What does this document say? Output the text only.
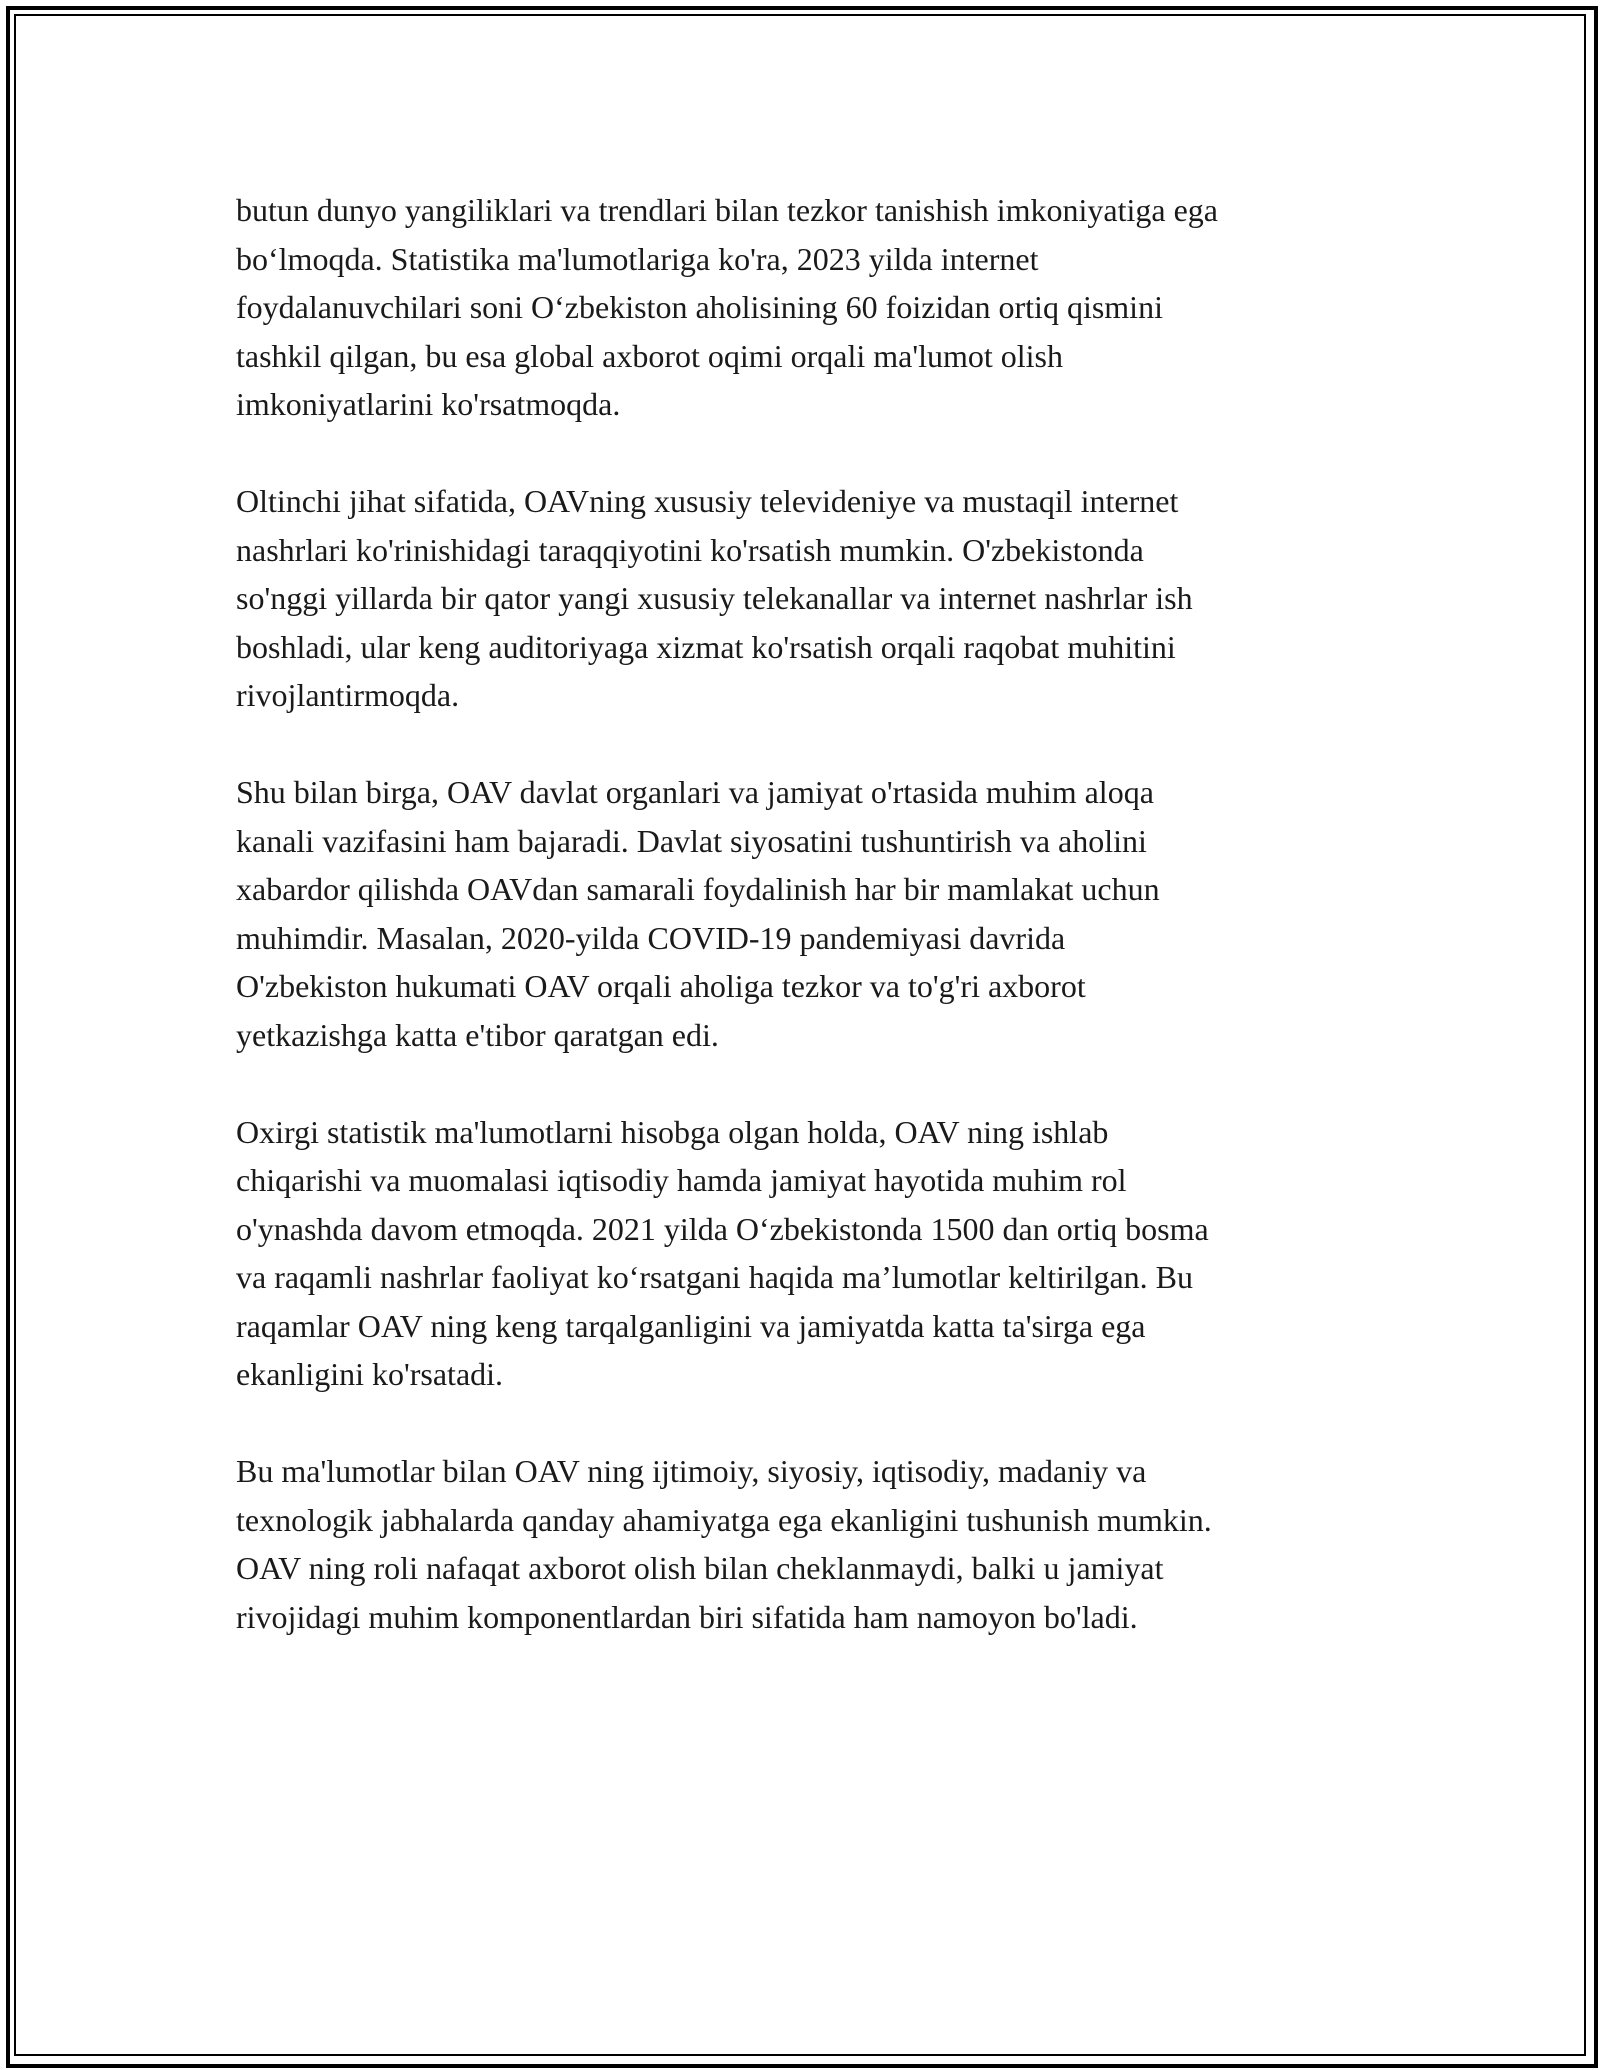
butun dunyo yangiliklari va trendlari bilan tezkor tanishish imkoniyatiga ega
bo‘lmoqda. Statistika ma'lumotlariga ko'ra, 2023 yilda internet
foydalanuvchilari soni O‘zbekiston aholisining 60 foizidan ortiq qismini
tashkil qilgan, bu esa global axborot oqimi orqali ma'lumot olish
imkoniyatlarini ko'rsatmoqda.

Oltinchi jihat sifatida, OAVning xususiy televideniye va mustaqil internet
nashrlari ko'rinishidagi taraqqiyotini ko'rsatish mumkin. O'zbekistonda
so'nggi yillarda bir qator yangi xususiy telekanallar va internet nashrlar ish
boshladi, ular keng auditoriyaga xizmat ko'rsatish orqali raqobat muhitini
rivojlantirmoqda.

Shu bilan birga, OAV davlat organlari va jamiyat o'rtasida muhim aloqa
kanali vazifasini ham bajaradi. Davlat siyosatini tushuntirish va aholini
xabardor qilishda OAVdan samarali foydalinish har bir mamlakat uchun
muhimdir. Masalan, 2020-yilda COVID-19 pandemiyasi davrida
O'zbekiston hukumati OAV orqali aholiga tezkor va to'g'ri axborot
yetkazishga katta e'tibor qaratgan edi.

Oxirgi statistik ma'lumotlarni hisobga olgan holda, OAV ning ishlab
chiqarishi va muomalasi iqtisodiy hamda jamiyat hayotida muhim rol
o'ynashda davom etmoqda. 2021 yilda O‘zbekistonda 1500 dan ortiq bosma
va raqamli nashrlar faoliyat ko‘rsatgani haqida ma’lumotlar keltirilgan. Bu
raqamlar OAV ning keng tarqalganligini va jamiyatda katta ta'sirga ega
ekanligini ko'rsatadi.

Bu ma'lumotlar bilan OAV ning ijtimoiy, siyosiy, iqtisodiy, madaniy va
texnologik jabhalarda qanday ahamiyatga ega ekanligini tushunish mumkin.
OAV ning roli nafaqat axborot olish bilan cheklanmaydi, balki u jamiyat
rivojidagi muhim komponentlardan biri sifatida ham namoyon bo'ladi.
